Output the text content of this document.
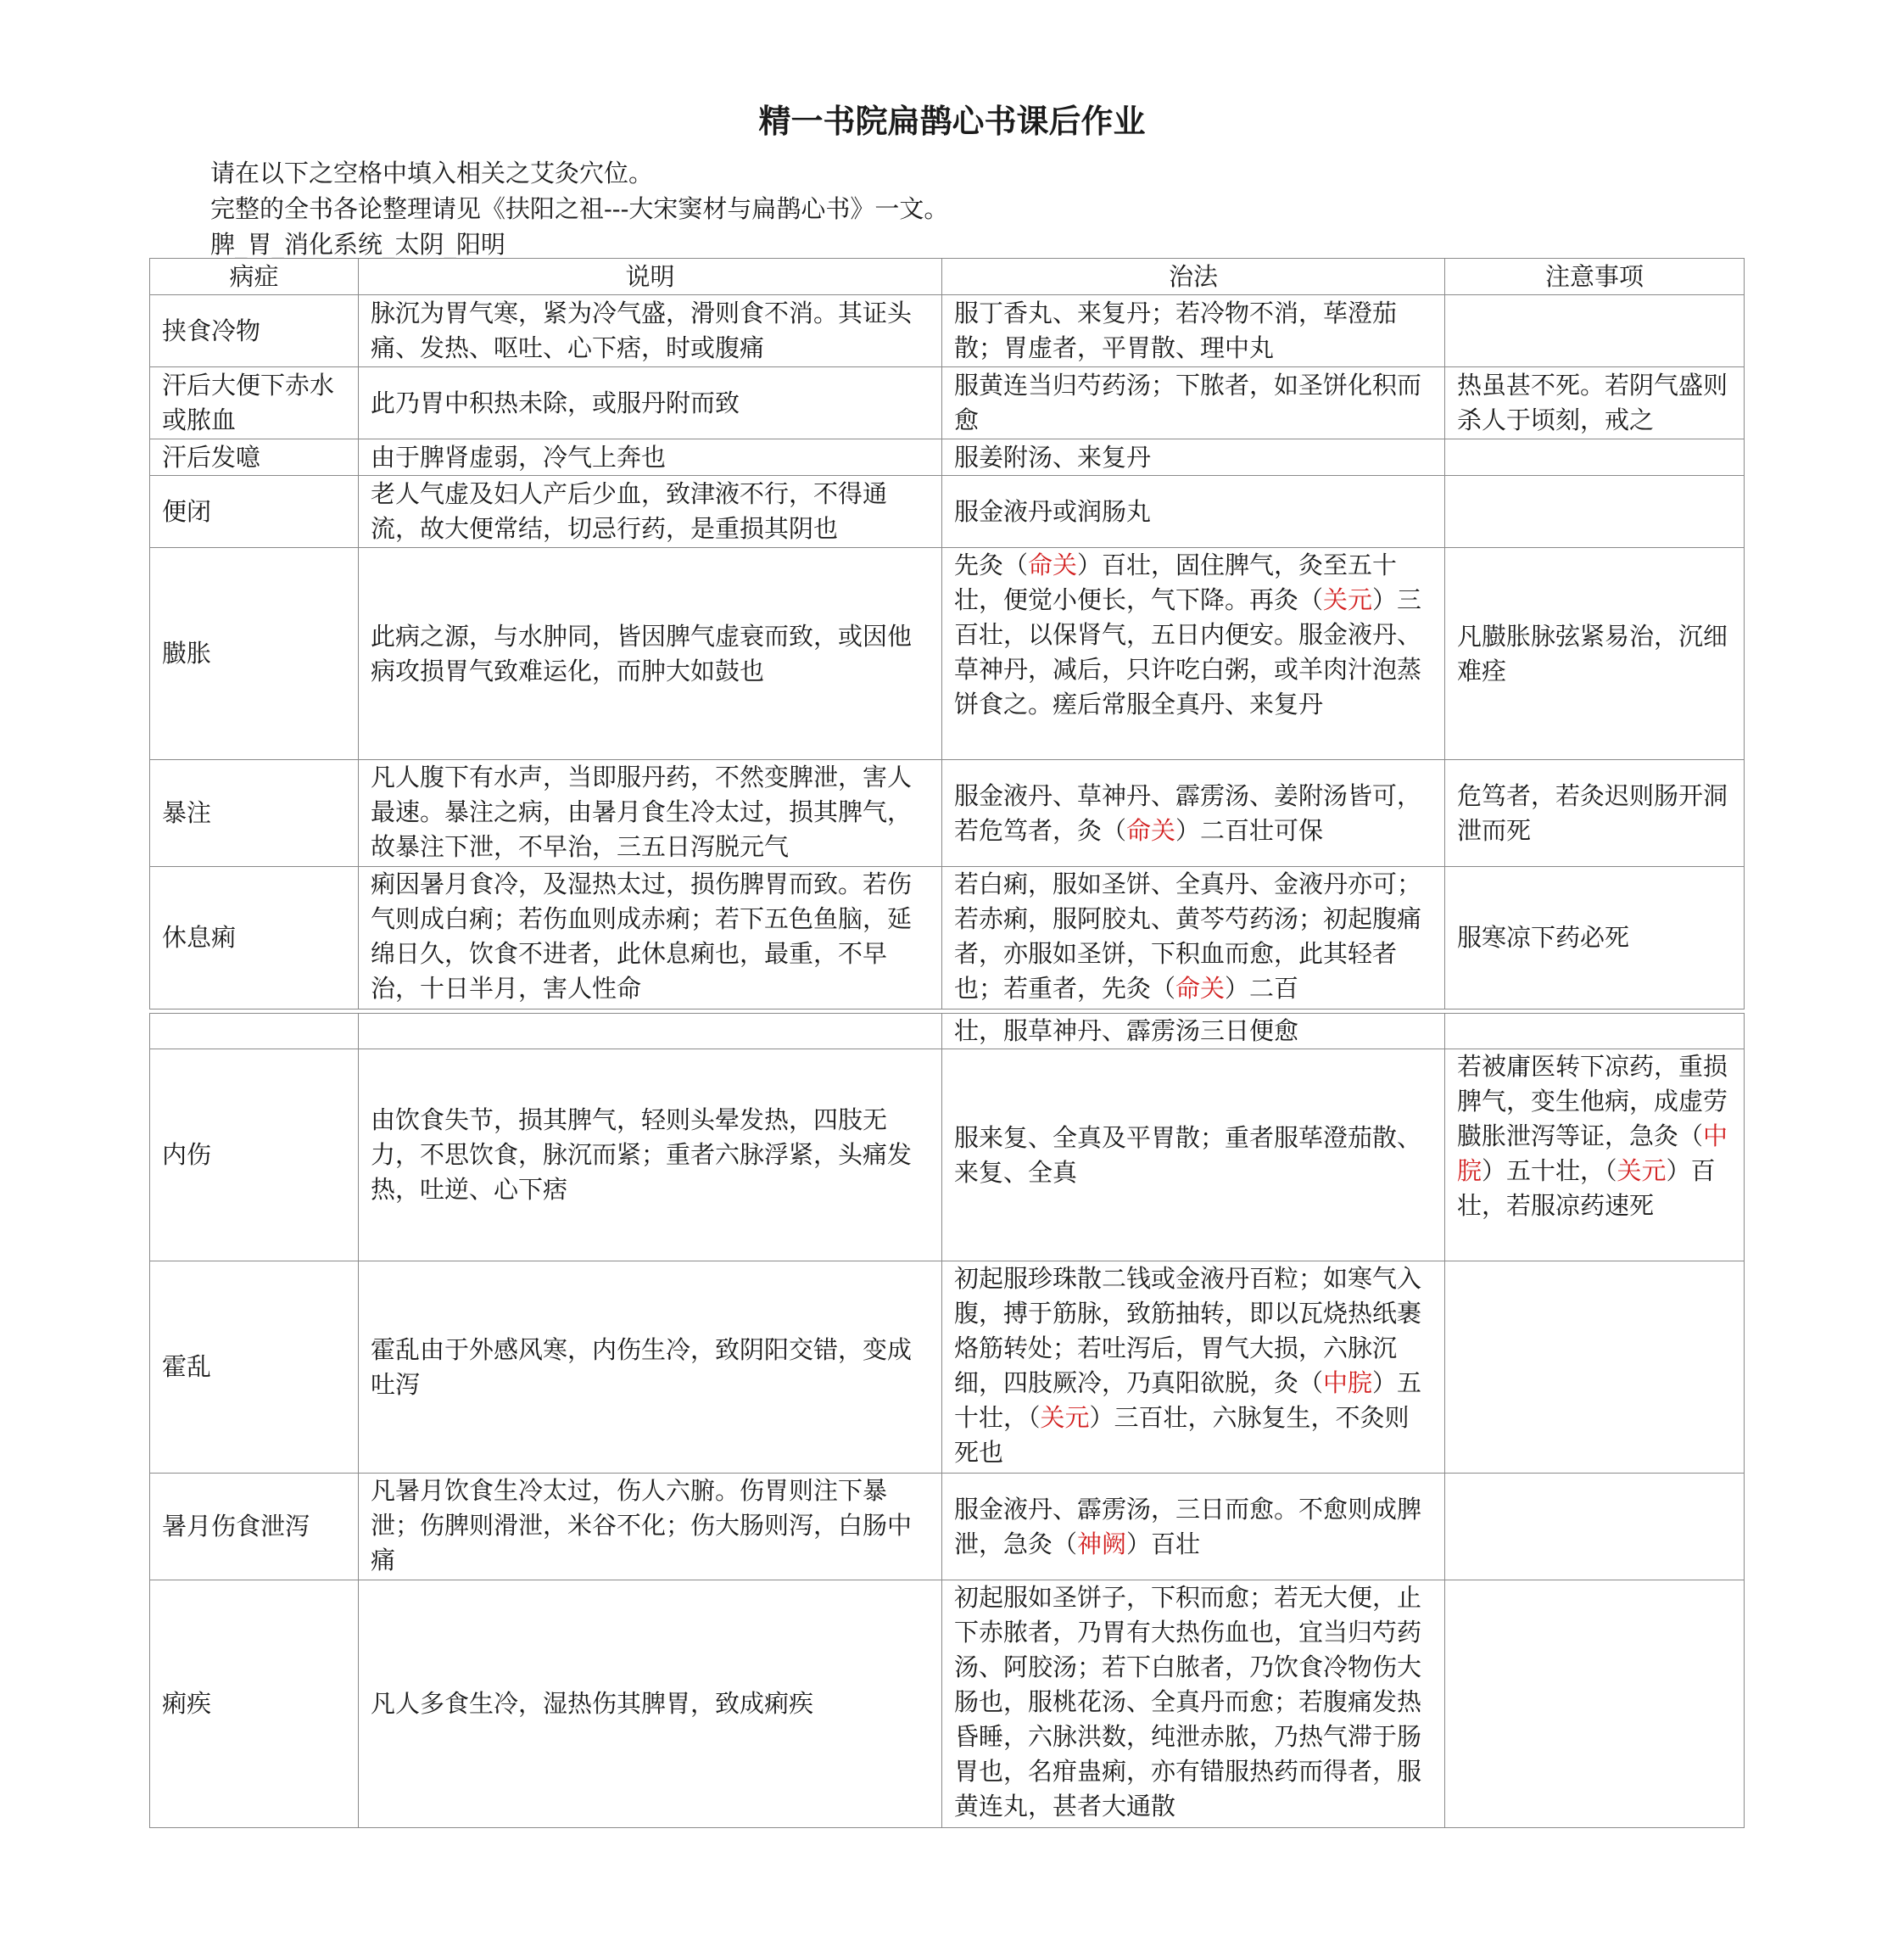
精一书院扁鹊心书课后作业
请在以下之空格中填入相关之艾灸穴位。
完整的全书各论整理请见《扶阳之祖---大宋窦材与扁鹊心书》一文。
脾_胃_消化系统_太阴_阳明
病症	说明	治法	注意事项
挟食冷物	脉沉为胃气寒，紧为冷气盛，滑则食不消。其证头痛、发热、呕吐、心下痞，时或腹痛	服丁香丸、来复丹；若冷物不消，荜澄茄散；胃虚者，平胃散、理中丸	
汗后大便下赤水或脓血	此乃胃中积热未除，或服丹附而致	服黄连当归芍药汤；下脓者，如圣饼化积而愈	热虽甚不死。若阴气盛则杀人于顷刻，戒之
汗后发噫	由于脾肾虚弱，冷气上奔也	服姜附汤、来复丹	
便闭	老人气虚及妇人产后少血，致津液不行，不得通流，故大便常结，切忌行药，是重损其阴也	服金液丹或润肠丸	
臌胀	此病之源，与水肿同，皆因脾气虚衰而致，或因他病攻损胃气致难运化，而肿大如鼓也	先灸（命关）百壮，固住脾气，灸至五十壮，便觉小便长，气下降。再灸（关元）三百壮，以保肾气，五日内便安。服金液丹、草神丹，减后，只许吃白粥，或羊肉汁泡蒸饼食之。瘥后常服全真丹、来复丹	凡臌胀脉弦紧易治，沉细难痊
暴注	凡人腹下有水声，当即服丹药，不然变脾泄，害人最速。暴注之病，由暑月食生冷太过，损其脾气，故暴注下泄，不早治，三五日泻脱元气	服金液丹、草神丹、霹雳汤、姜附汤皆可，若危笃者，灸（命关）二百壮可保	危笃者，若灸迟则肠开洞泄而死
休息痢	痢因暑月食冷，及湿热太过，损伤脾胃而致。若伤气则成白痢；若伤血则成赤痢；若下五色鱼脑，延绵日久，饮食不进者，此休息痢也，最重，不早治，十日半月，害人性命	若白痢，服如圣饼、全真丹、金液丹亦可；若赤痢，服阿胶丸、黄芩芍药汤；初起腹痛者，亦服如圣饼，下积血而愈，此其轻者也；若重者，先灸（命关）二百	服寒凉下药必死
		壮，服草神丹、霹雳汤三日便愈	
内伤	由饮食失节，损其脾气，轻则头晕发热，四肢无力，不思饮食，脉沉而紧；重者六脉浮紧，头痛发热，吐逆、心下痞	服来复、全真及平胃散；重者服荜澄茄散、来复、全真	若被庸医转下凉药，重损脾气，变生他病，成虚劳臌胀泄泻等证，急灸（中脘）五十壮，（关元）百壮，若服凉药速死
霍乱	霍乱由于外感风寒，内伤生冷，致阴阳交错，变成吐泻	初起服珍珠散二钱或金液丹百粒；如寒气入腹，搏于筋脉，致筋抽转，即以瓦烧热纸裹烙筋转处；若吐泻后，胃气大损，六脉沉细，四肢厥冷，乃真阳欲脱，灸（中脘）五十壮，（关元）三百壮，六脉复生，不灸则死也	
暑月伤食泄泻	凡暑月饮食生冷太过，伤人六腑。伤胃则注下暴泄；伤脾则滑泄，米谷不化；伤大肠则泻，白肠中痛	服金液丹、霹雳汤，三日而愈。不愈则成脾泄，急灸（神阙）百壮	
痢疾	凡人多食生冷，湿热伤其脾胃，致成痢疾	初起服如圣饼子，下积而愈；若无大便，止下赤脓者，乃胃有大热伤血也，宜当归芍药汤、阿胶汤；若下白脓者，乃饮食冷物伤大肠也，服桃花汤、全真丹而愈；若腹痛发热昏睡，六脉洪数，纯泄赤脓，乃热气滞于肠胃也，名疳蛊痢，亦有错服热药而得者，服黄连丸，甚者大通散	
